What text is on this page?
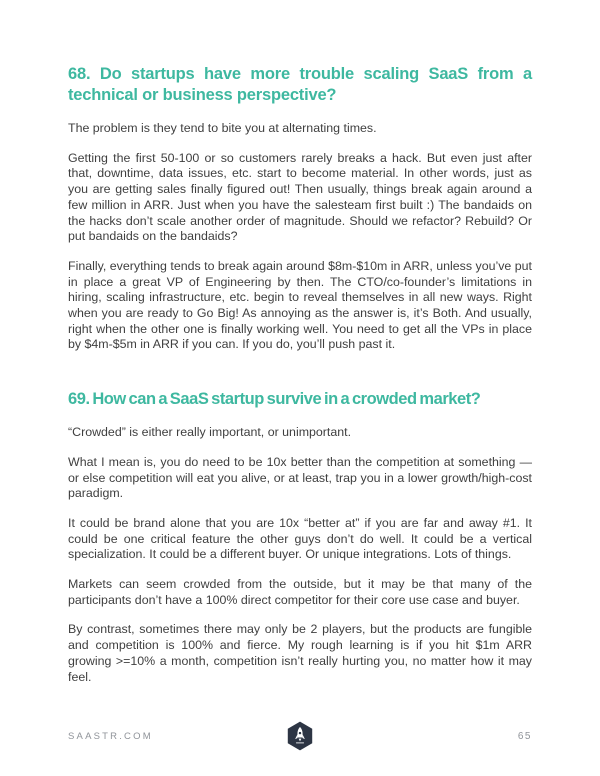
68. Do startups have more trouble scaling SaaS from a technical or business perspective?

The problem is they tend to bite you at alternating times.

Getting the first 50-100 or so customers rarely breaks a hack. But even just after that, downtime, data issues, etc. start to become material. In other words, just as you are getting sales finally figured out! Then usually, things break again around a few million in ARR. Just when you have the salesteam first built :) The bandaids on the hacks don’t scale another order of magnitude. Should we refactor? Rebuild? Or put bandaids on the bandaids?

Finally, everything tends to break again around $8m-$10m in ARR, unless you’ve put in place a great VP of Engineering by then. The CTO/co-founder’s limitations in hiring, scaling infrastructure, etc. begin to reveal themselves in all new ways. Right when you are ready to Go Big! As annoying as the answer is, it’s Both. And usually, right when the other one is finally working well. You need to get all the VPs in place by $4m-$5m in ARR if you can. If you do, you’ll push past it.

69. How can a SaaS startup survive in a crowded market?

“Crowded” is either really important, or unimportant.

What I mean is, you do need to be 10x better than the competition at something — or else competition will eat you alive, or at least, trap you in a lower growth/high-cost paradigm.

It could be brand alone that you are 10x “better at” if you are far and away #1. It could be one critical feature the other guys don’t do well. It could be a vertical specialization. It could be a different buyer. Or unique integrations. Lots of things.

Markets can seem crowded from the outside, but it may be that many of the participants don’t have a 100% direct competitor for their core use case and buyer.

By contrast, sometimes there may only be 2 players, but the products are fungible and competition is 100% and fierce. My rough learning is if you hit $1m ARR growing >=10% a month, competition isn’t really hurting you, no matter how it may feel.

SAASTR.COM	65
